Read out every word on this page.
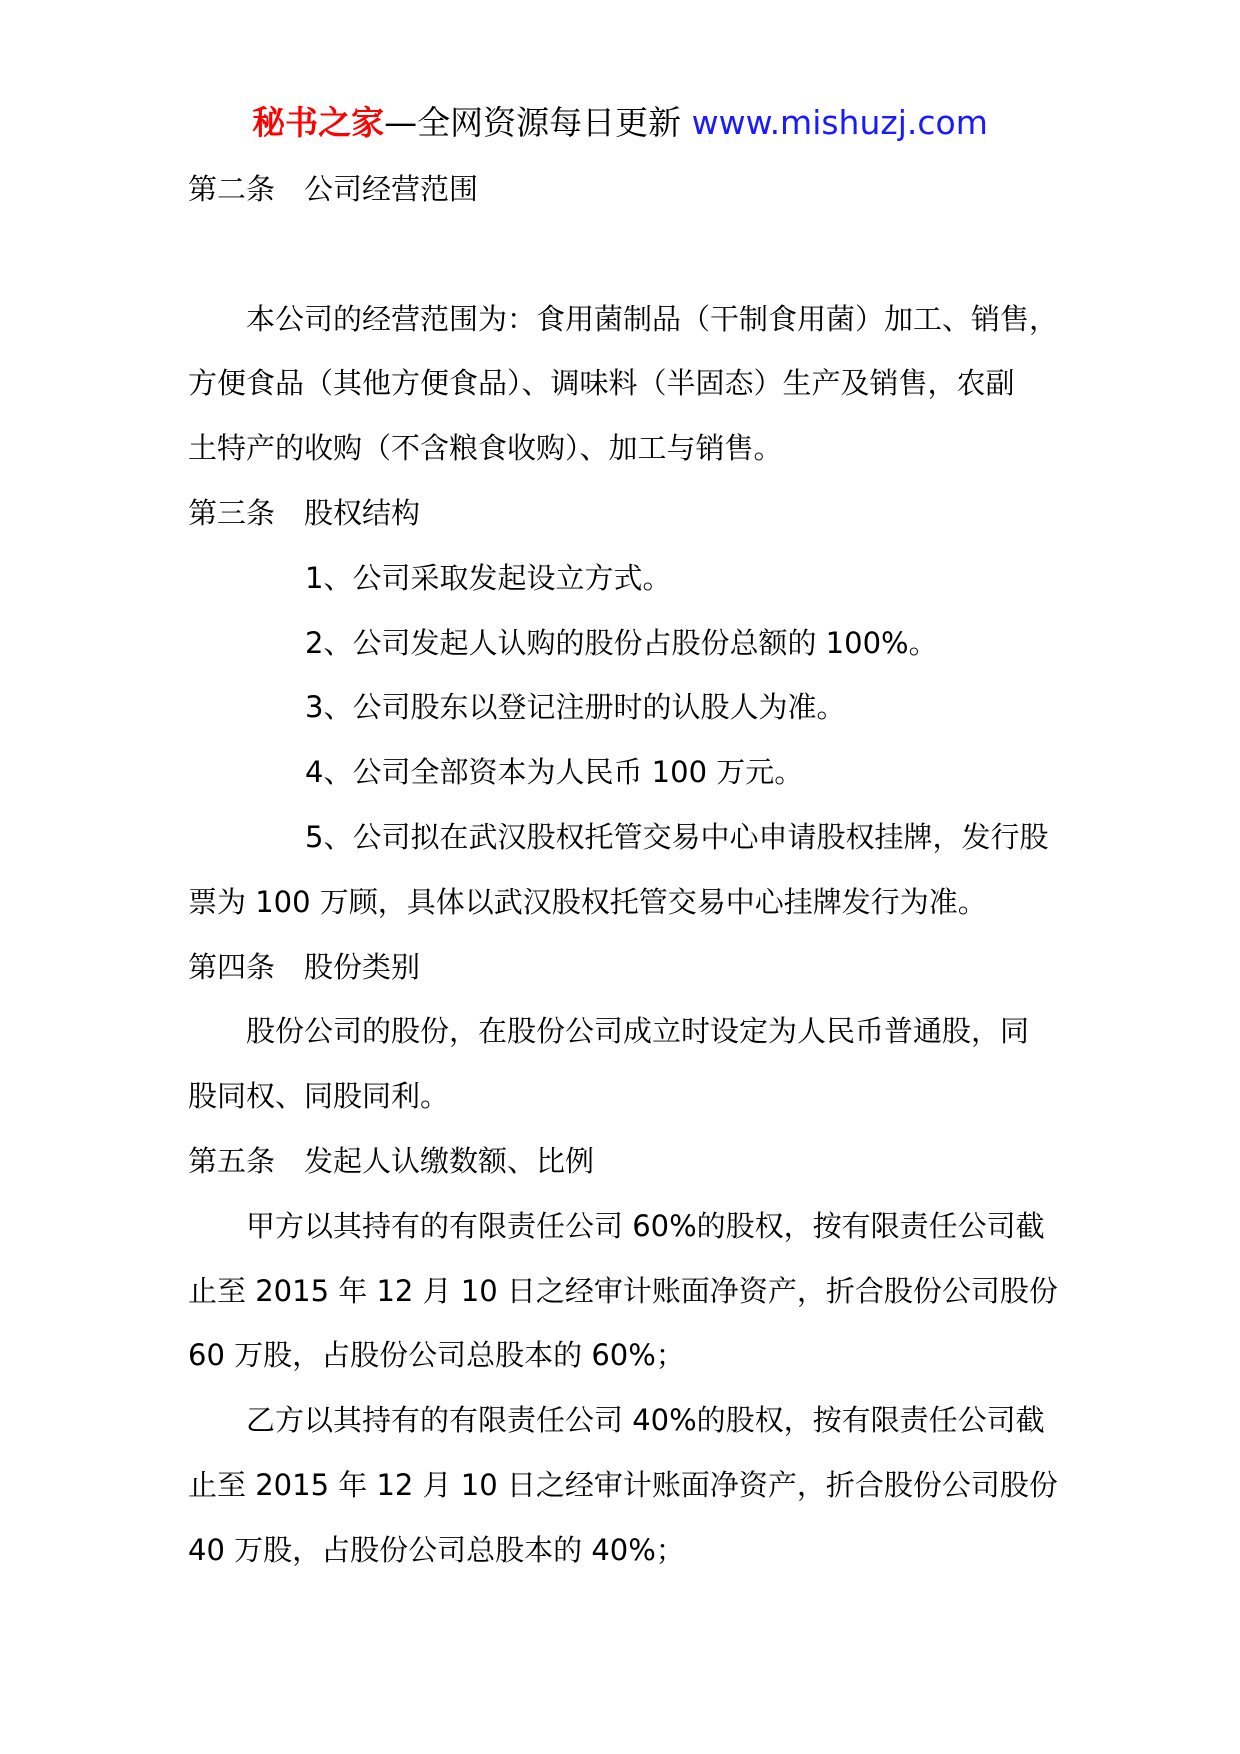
秘书之家—全网资源每日更新 www.mishuzj.com
第二条　公司经营范围
本公司的经营范围为：食用菌制品（干制食用菌）加工、销售，
方便食品（其他方便食品）、调味料（半固态）生产及销售，农副
土特产的收购（不含粮食收购）、加工与销售。
第三条　股权结构
1、公司采取发起设立方式。
2、公司发起人认购的股份占股份总额的 100%。
3、公司股东以登记注册时的认股人为准。
4、公司全部资本为人民币 100 万元。
5、公司拟在武汉股权托管交易中心申请股权挂牌，发行股
票为 100 万顾，具体以武汉股权托管交易中心挂牌发行为准。
第四条　股份类别
股份公司的股份，在股份公司成立时设定为人民币普通股，同
股同权、同股同利。
第五条　发起人认缴数额、比例
甲方以其持有的有限责任公司 60%的股权，按有限责任公司截
止至 2015 年 12 月 10 日之经审计账面净资产，折合股份公司股份
60 万股，占股份公司总股本的 60%；
乙方以其持有的有限责任公司 40%的股权，按有限责任公司截
止至 2015 年 12 月 10 日之经审计账面净资产，折合股份公司股份
40 万股，占股份公司总股本的 40%；
